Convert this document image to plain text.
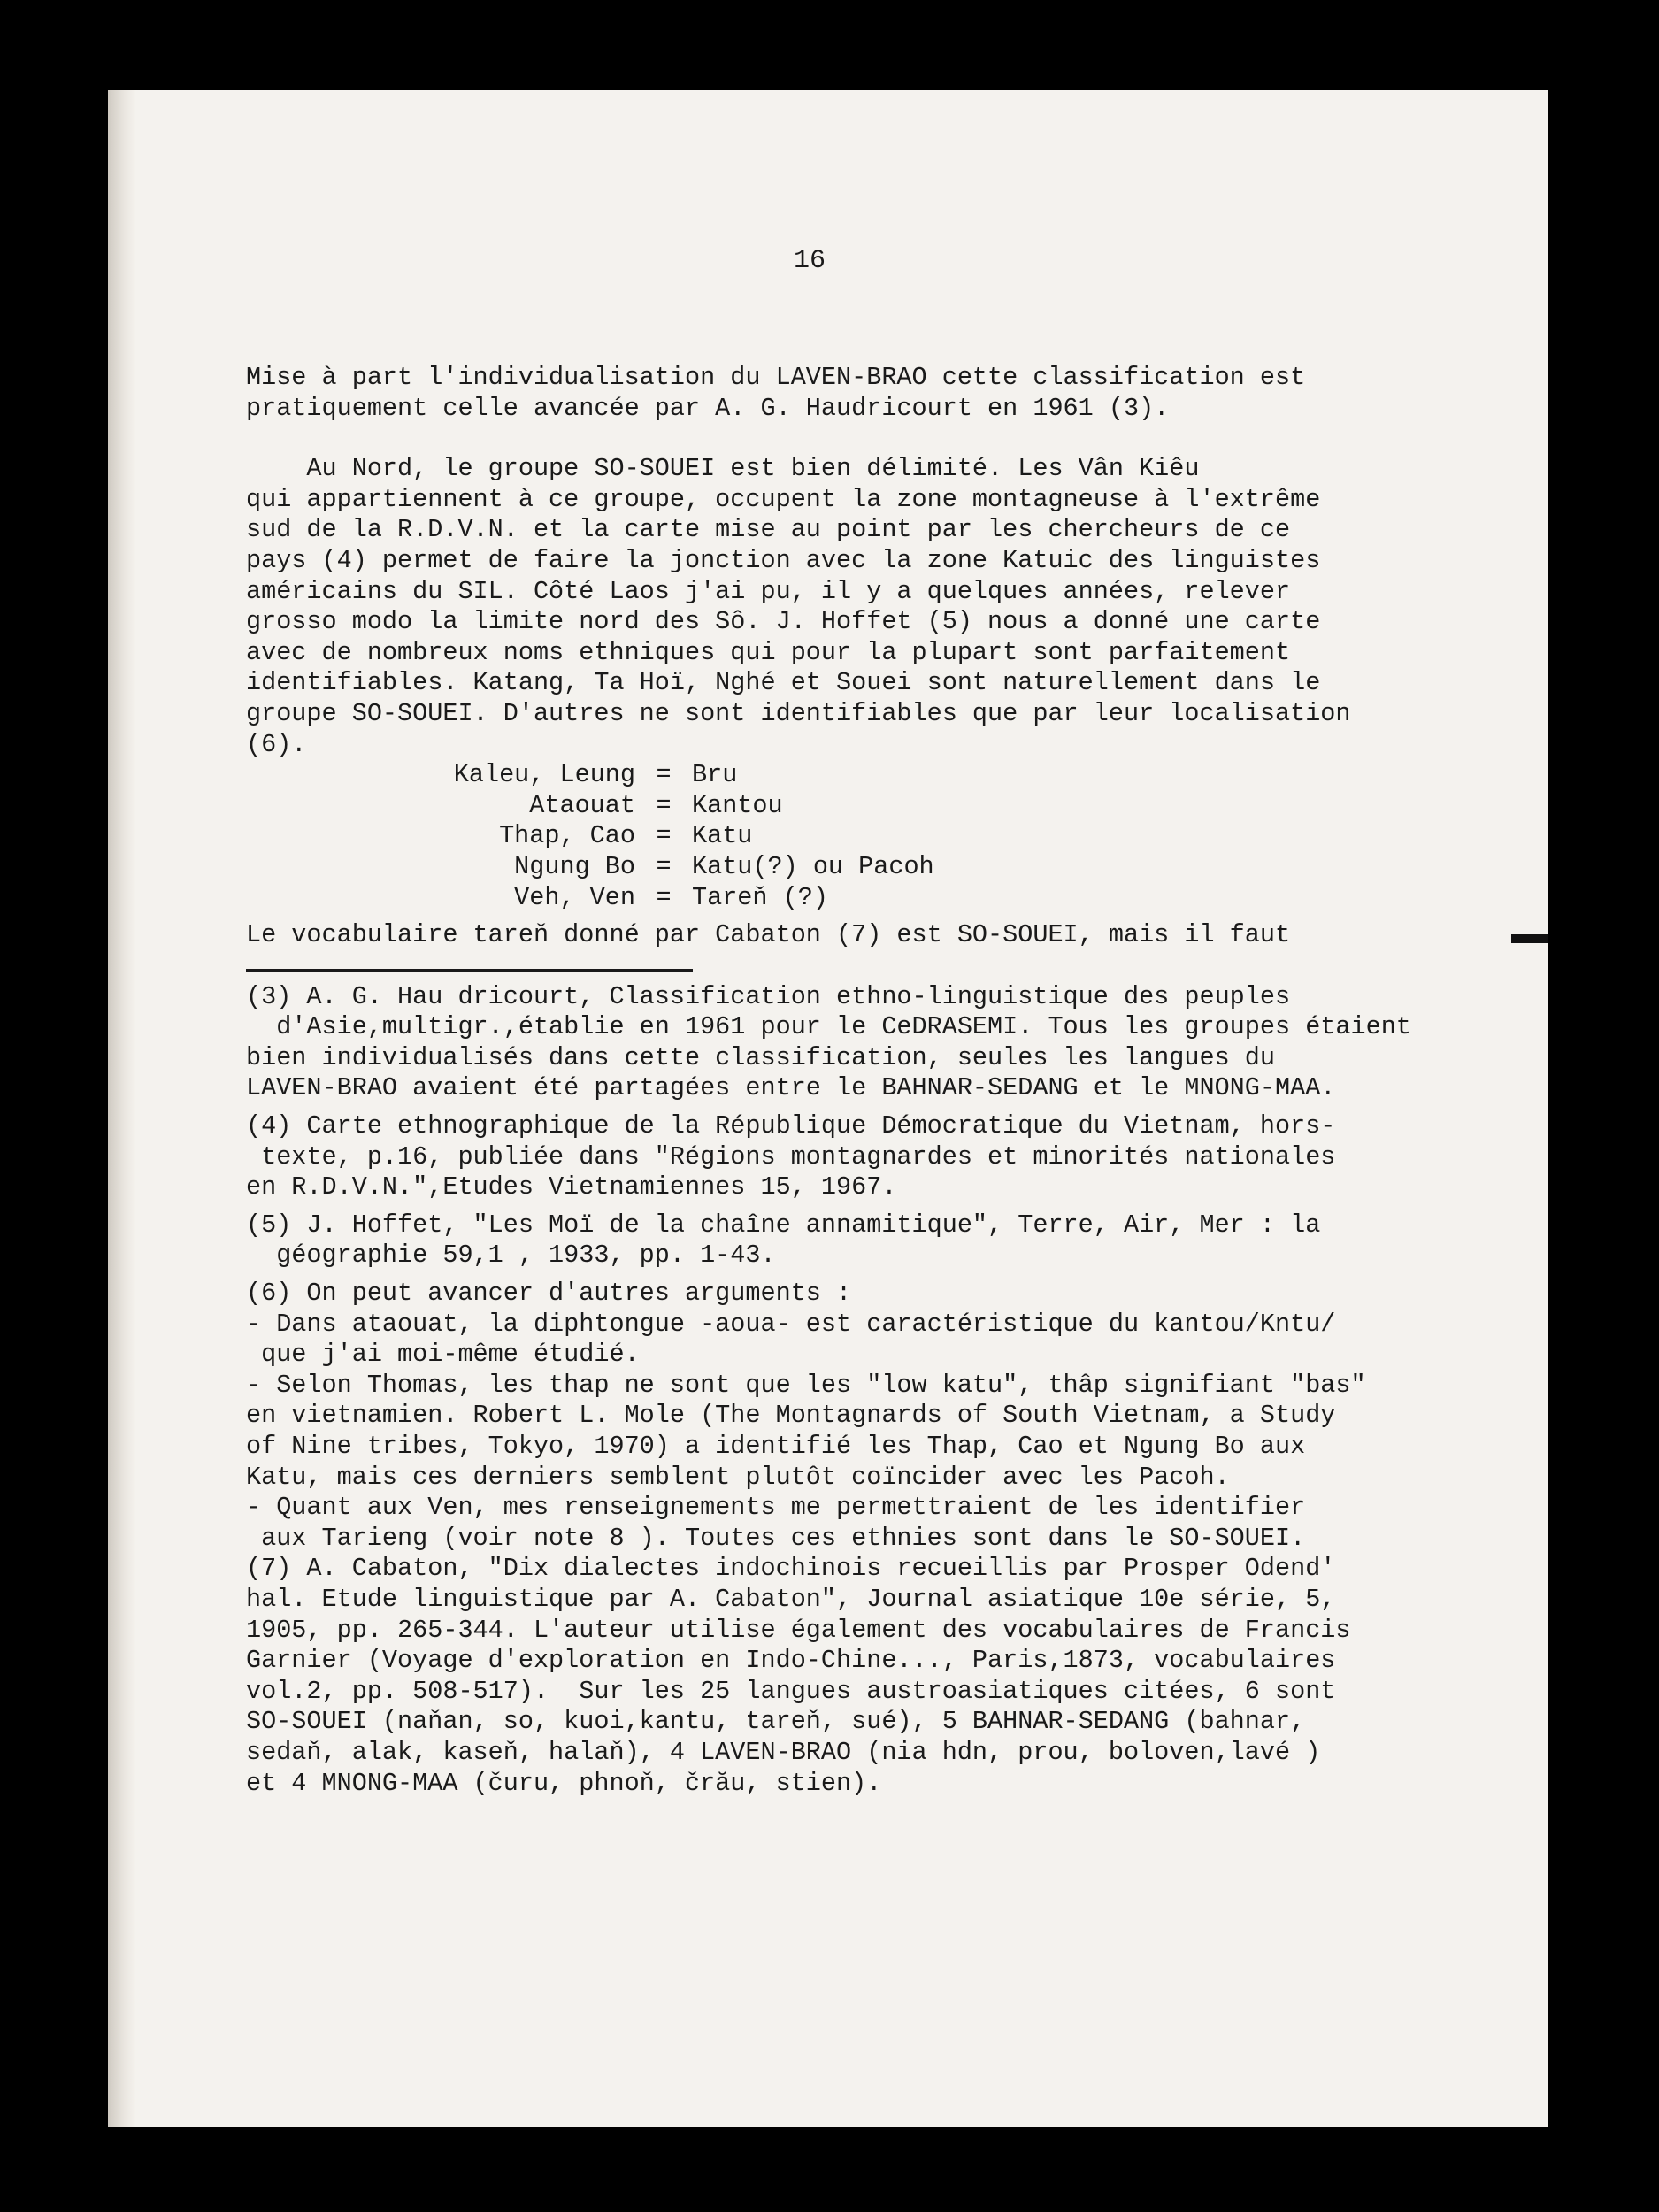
16
Mise à part l'individualisation du LAVEN-BRAO cette classification est
pratiquement celle avancée par A. G. Haudricourt en 1961 (3).
Au Nord, le groupe SO-SOUEI est bien délimité. Les Vân Kiêu
qui appartiennent à ce groupe, occupent la zone montagneuse à l'extrême
sud de la R.D.V.N. et la carte mise au point par les chercheurs de ce
pays (4) permet de faire la jonction avec la zone Katuic des linguistes
américains du SIL. Côté Laos j'ai pu, il y a quelques années, relever
grosso modo la limite nord des Sô. J. Hoffet (5) nous a donné une carte
avec de nombreux noms ethniques qui pour la plupart sont parfaitement
identifiables. Katang, Ta Hoï, Nghé et Souei sont naturellement dans le
groupe SO-SOUEI. D'autres ne sont identifiables que par leur localisation
(6).
Kaleu, Leung = Bru
Ataouat = Kantou
Thap, Cao = Katu
Ngung Bo = Katu(?) ou Pacoh
Veh, Ven = Tareň (?)
Le vocabulaire tareň donné par Cabaton (7) est SO-SOUEI, mais il faut
(3) A. G. Hau dricourt, Classification ethno-linguistique des peuples
d'Asie,multigr.,établie en 1961 pour le CeDRASEMI. Tous les groupes étaient
bien individualisés dans cette classification, seules les langues du
LAVEN-BRAO avaient été partagées entre le BAHNAR-SEDANG et le MNONG-MAA.
(4) Carte ethnographique de la République Démocratique du Vietnam, hors-
texte, p.16, publiée dans "Régions montagnardes et minorités nationales
en R.D.V.N.",Etudes Vietnamiennes 15, 1967.
(5) J. Hoffet, "Les Moï de la chaîne annamitique", Terre, Air, Mer : la
géographie 59,1 , 1933, pp. 1-43.
(6) On peut avancer d'autres arguments :
- Dans ataouat, la diphtongue -aoua- est caractéristique du kantou/Kntu/
que j'ai moi-même étudié.
- Selon Thomas, les thap ne sont que les "low katu", thâp signifiant "bas"
en vietnamien. Robert L. Mole (The Montagnards of South Vietnam, a Study
of Nine tribes, Tokyo, 1970) a identifié les Thap, Cao et Ngung Bo aux
Katu, mais ces derniers semblent plutôt coïncider avec les Pacoh.
- Quant aux Ven, mes renseignements me permettraient de les identifier
aux Tarieng (voir note 8 ). Toutes ces ethnies sont dans le SO-SOUEI.
(7) A. Cabaton, "Dix dialectes indochinois recueillis par Prosper Odend'
hal. Etude linguistique par A. Cabaton", Journal asiatique 10e série, 5,
1905, pp. 265-344. L'auteur utilise également des vocabulaires de Francis
Garnier (Voyage d'exploration en Indo-Chine..., Paris,1873, vocabulaires
vol.2, pp. 508-517).  Sur les 25 langues austroasiatiques citées, 6 sont
SO-SOUEI (naňan, so, kuoi,kantu, tareň, sué), 5 BAHNAR-SEDANG (bahnar,
sedaň, alak, kaseň, halaň), 4 LAVEN-BRAO (nia hdn, prou, boloven,lavé )
et 4 MNONG-MAA (čuru, phnoň, črău, stien).
